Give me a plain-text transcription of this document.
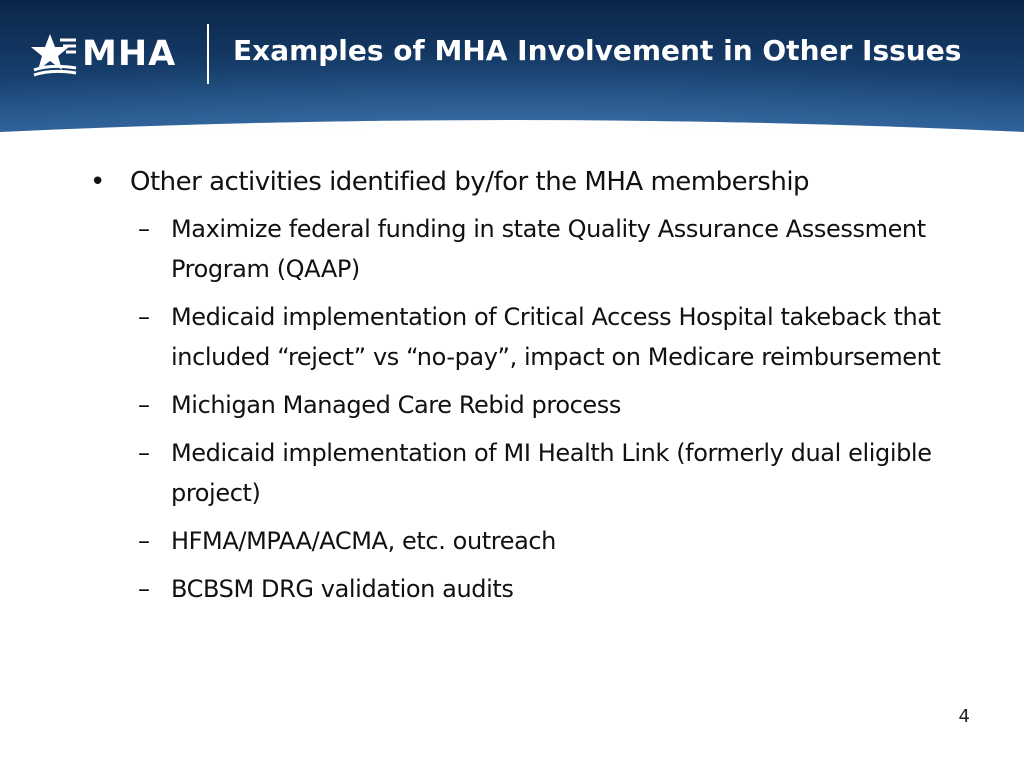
MHA Examples of MHA Involvement in Other Issues
• Other activities identified by/for the MHA membership
– Maximize federal funding in state Quality Assurance Assessment Program (QAAP)
– Medicaid implementation of Critical Access Hospital takeback that included “reject” vs “no-pay”, impact on Medicare reimbursement
– Michigan Managed Care Rebid process
– Medicaid implementation of MI Health Link (formerly dual eligible project)
– HFMA/MPAA/ACMA, etc. outreach
– BCBSM DRG validation audits
4
